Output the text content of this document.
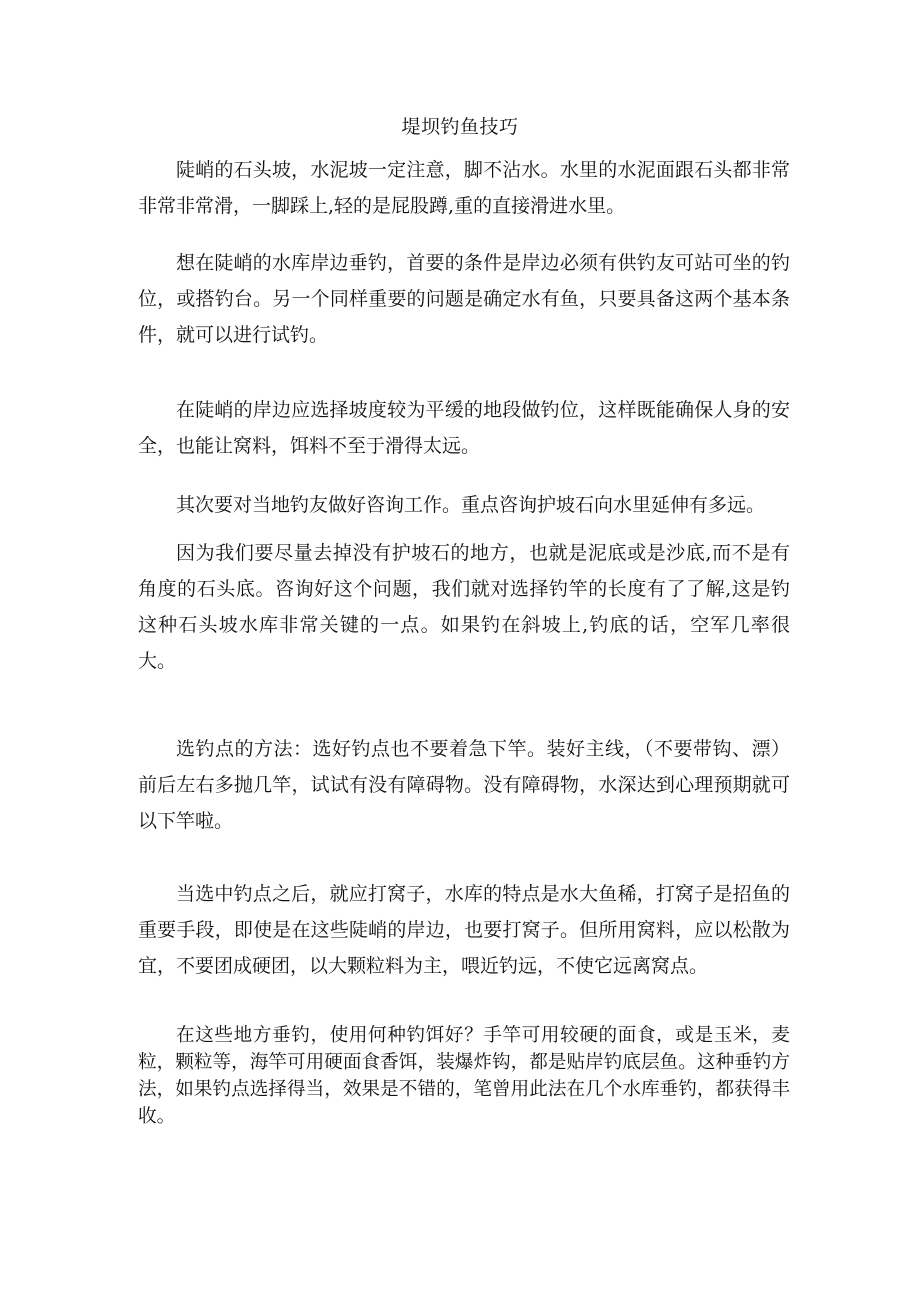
堤坝钓鱼技巧

陡峭的石头坡，水泥坡一定注意，脚不沾水。水里的水泥面跟石头都非常非常非常滑，一脚踩上,轻的是屁股蹲,重的直接滑进水里。

想在陡峭的水库岸边垂钓，首要的条件是岸边必须有供钓友可站可坐的钓位，或搭钓台。另一个同样重要的问题是确定水有鱼，只要具备这两个基本条件，就可以进行试钓。

在陡峭的岸边应选择坡度较为平缓的地段做钓位，这样既能确保人身的安全，也能让窝料，饵料不至于滑得太远。

其次要对当地钓友做好咨询工作。重点咨询护坡石向水里延伸有多远。

因为我们要尽量去掉没有护坡石的地方，也就是泥底或是沙底,而不是有角度的石头底。咨询好这个问题，我们就对选择钓竿的长度有了了解,这是钓这种石头坡水库非常关键的一点。如果钓在斜坡上,钓底的话，空军几率很大。

选钓点的方法：选好钓点也不要着急下竿。装好主线，（不要带钩、漂）前后左右多抛几竿，试试有没有障碍物。没有障碍物，水深达到心理预期就可以下竿啦。

当选中钓点之后，就应打窝子，水库的特点是水大鱼稀，打窝子是招鱼的重要手段，即使是在这些陡峭的岸边，也要打窝子。但所用窝料，应以松散为宜，不要团成硬团，以大颗粒料为主，喂近钓远，不使它远离窝点。

在这些地方垂钓，使用何种钓饵好？手竿可用较硬的面食，或是玉米，麦粒，颗粒等，海竿可用硬面食香饵，装爆炸钩，都是贴岸钓底层鱼。这种垂钓方法，如果钓点选择得当，效果是不错的，笔曾用此法在几个水库垂钓，都获得丰收。
